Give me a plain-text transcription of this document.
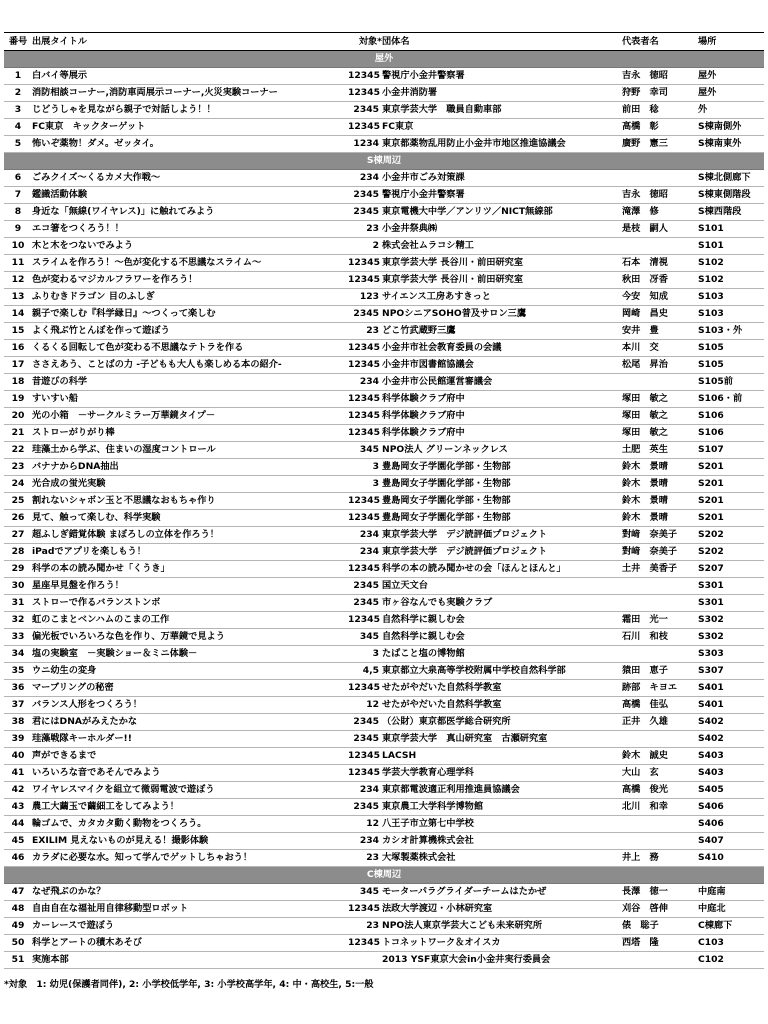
番号	出展タイトル	対象*	団体名	代表者名	場所
屋外					
1	白バイ等展示	12345	警視庁小金井警察署	吉永　徳昭	屋外
2	消防相談コーナー,消防車両展示コーナー,火災実験コーナー	12345	小金井消防署	狩野　幸司	屋外
3	じどうしゃを見ながら親子で対話しよう！！	2345	東京学芸大学　職員自動車部	前田　稔	外
4	FC東京　キックターゲット	12345	FC東京	高橋　彰	S棟南側外
5	怖いぞ薬物！ダメ。ゼッタイ。	1234	東京都薬物乱用防止小金井市地区推進協議会	廣野　憲三	S棟南東外
S棟周辺					
6	ごみクイズ～くるカメ大作戦～	234	小金井市ごみ対策課		S棟北側廊下
7	鑑識活動体験	2345	警視庁小金井警察署	吉永　徳昭	S棟東側階段
8	身近な「無線(ワイヤレス)」に触れてみよう	2345	東京電機大中学／アンリツ／NICT無線部	滝澤　修	S棟西階段
9	エコ箸をつくろう！！	23	小金井祭典㈱	是枝　嗣人	S101
10	木と木をつないでみよう	2	株式会社ムラコシ精工		S101
11	スライムを作ろう！～色が変化する不思議なスライム～	12345	東京学芸大学 長谷川・前田研究室	石本　清視	S102
12	色が変わるマジカルフラワーを作ろう！	12345	東京学芸大学 長谷川・前田研究室	秋田　冴香	S102
13	ふりむきドラゴン 目のふしぎ	123	サイエンス工房あすきっと	今安　知成	S103
14	親子で楽しむ『科学縁日』～つくって楽しむ	2345	NPOシニアSOHO普及サロン三鷹	岡崎　昌史	S103
15	よく飛ぶ竹とんぼを作って遊ぼう	23	どこ竹武蔵野三鷹	安井　豊	S103・外
16	くるくる回転して色が変わる不思議なテトラを作る	12345	小金井市社会教育委員の会議	本川　交	S105
17	ささえあう、ことばの力 -子どもも大人も楽しめる本の紹介-	12345	小金井市図書館協議会	松尾　昇治	S105
18	昔遊びの科学	234	小金井市公民館運営審議会		S105前
19	すいすい船	12345	科学体験クラブ府中	塚田　敏之	S106・前
20	光の小箱　－サークルミラー万華鏡タイプ－	12345	科学体験クラブ府中	塚田　敏之	S106
21	ストローがりがり棒	12345	科学体験クラブ府中	塚田　敏之	S106
22	珪藻土から学ぶ、住まいの湿度コントロール	345	NPO法人 グリーンネックレス	土肥　英生	S107
23	バナナからDNA抽出	3	豊島岡女子学園化学部・生物部	鈴木　景晴	S201
24	光合成の蛍光実験	3	豊島岡女子学園化学部・生物部	鈴木　景晴	S201
25	割れないシャボン玉と不思議なおもちゃ作り	12345	豊島岡女子学園化学部・生物部	鈴木　景晴	S201
26	見て、触って楽しむ、科学実験	12345	豊島岡女子学園化学部・生物部	鈴木　景晴	S201
27	超ふしぎ錯覚体験 まぼろしの立体を作ろう！	234	東京学芸大学　デジ読評価プロジェクト	對﨑　奈美子	S202
28	iPadでアプリを楽しもう！	234	東京学芸大学　デジ読評価プロジェクト	對﨑　奈美子	S202
29	科学の本の読み聞かせ「くうき」	12345	科学の本の読み聞かせの会「ほんとほんと」	土井　美香子	S207
30	星座早見盤を作ろう！	2345	国立天文台		S301
31	ストローで作るバランストンボ	2345	市ヶ谷なんでも実験クラブ		S301
32	虹のこまとベンハムのこまの工作	12345	自然科学に親しむ会	霜田　光一	S302
33	偏光板でいろいろな色を作り、万華鏡で見よう	345	自然科学に親しむ会	石川　和枝	S302
34	塩の実験室　－実験ショー＆ミニ体験－	3	たばこと塩の博物館		S303
35	ウニ幼生の変身	4,5	東京都立大泉高等学校附属中学校自然科学部	猿田　恵子	S307
36	マーブリングの秘密	12345	せたがやだいた自然科学教室	跡部　キヨエ	S401
37	バランス人形をつくろう！	12	せたがやだいた自然科学教室	高橋　佳弘	S401
38	君にはDNAがみえたかな	2345	（公財）東京都医学総合研究所	正井　久雄	S402
39	珪藻戦隊キーホルダー!!	2345	東京学芸大学　真山研究室　古瀬研究室		S402
40	声ができるまで	12345	LACSH	鈴木　誠史	S403
41	いろいろな音であそんでみよう	12345	学芸大学教育心理学科	大山　玄	S403
42	ワイヤレスマイクを組立て微弱電波で遊ぼう	234	東京都電波適正利用推進員協議会	高橋　俊光	S405
43	農工大繭玉で繭細工をしてみよう！	2345	東京農工大学科学博物館	北川　和幸	S406
44	輪ゴムで、カタカタ動く動物をつくろう。	12	八王子市立第七中学校		S406
45	EXILIM 見えないものが見える！撮影体験	234	カシオ計算機株式会社		S407
46	カラダに必要な水。知って学んでゲットしちゃおう！	23	大塚製薬株式会社	井上　務	S410
C棟周辺					
47	なぜ飛ぶのかな？	345	モーターパラグライダーチームはたかぜ	長澤　徳一	中庭南
48	自由自在な福祉用自律移動型ロボット	12345	法政大学渡辺・小林研究室	刈谷　啓伸	中庭北
49	カーレースで遊ぼう	23	NPO法人東京学芸大こども未来研究所	俵　聡子	C棟廊下
50	科学とアートの積木あそび	12345	トコネットワーク＆オイスカ	西塔　隆	C103
51	実施本部		2013 YSF東京大会in小金井実行委員会		C102
*対象　1: 幼児(保護者同伴), 2: 小学校低学年, 3: 小学校高学年, 4: 中・高校生, 5:一般
